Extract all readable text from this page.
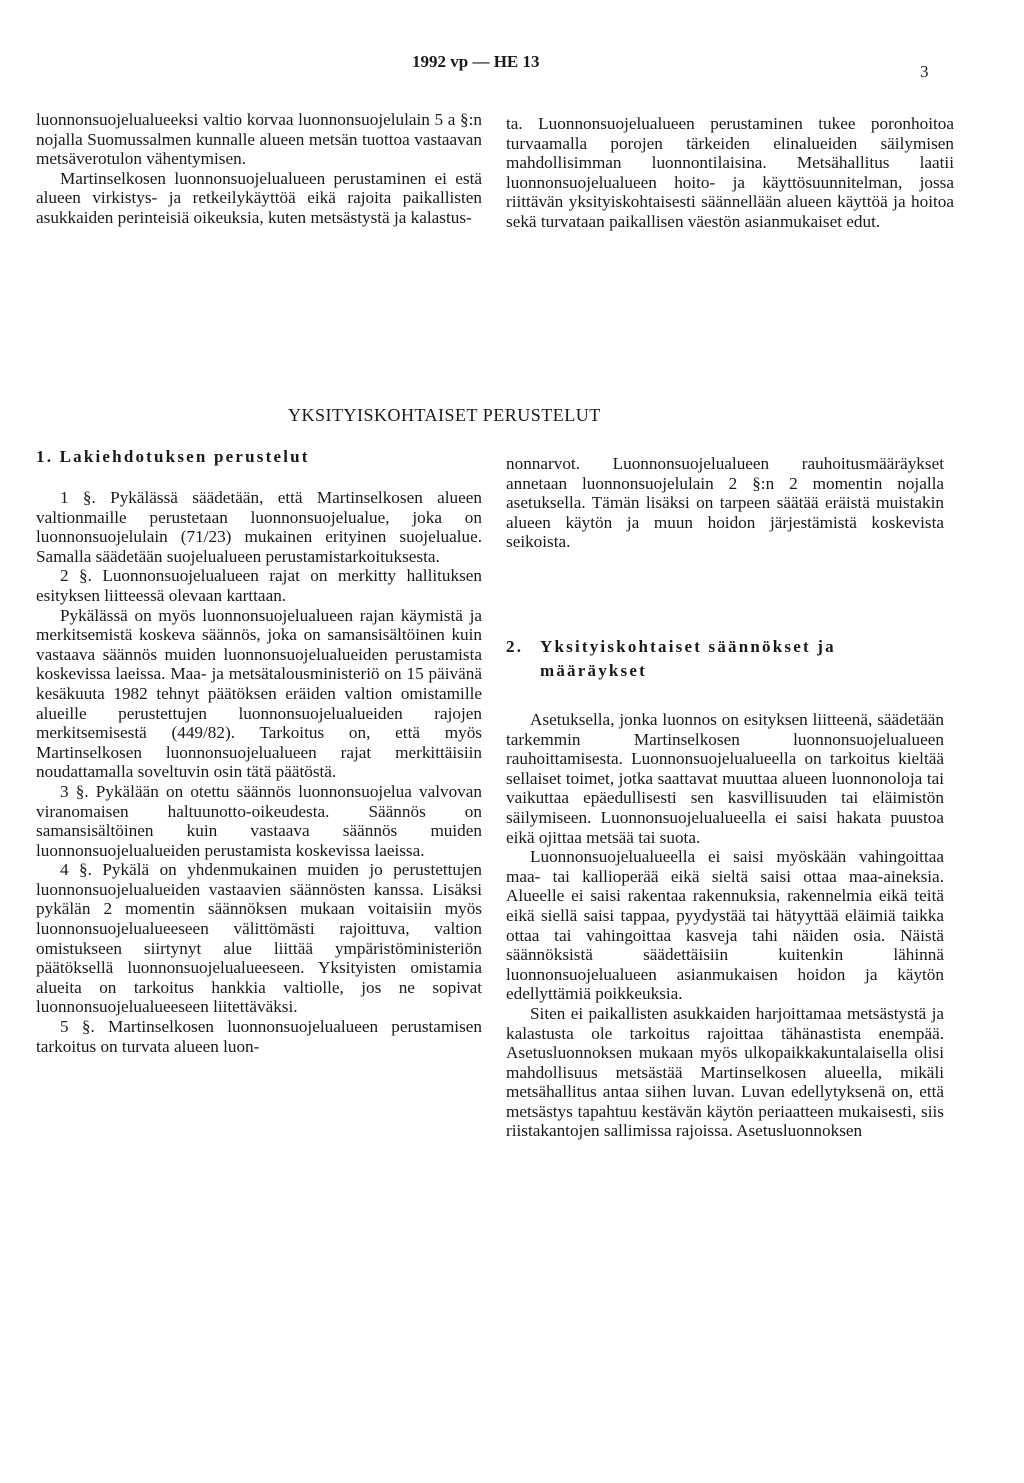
1992 vp — HE 13
3

luonnonsuojelualueeksi valtio korvaa luonnonsuojelulain 5 a §:n nojalla Suomussalmen kunnalle alueen metsän tuottoa vastaavan metsäverotulon vähentymisen.

Martinselkosen luonnonsuojelualueen perustaminen ei estä alueen virkistys- ja retkeilykäyttöä eikä rajoita paikallisten asukkaiden perinteisiä oikeuksia, kuten metsästystä ja kalastus-

ta. Luonnonsuojelualueen perustaminen tukee poronhoitoa turvaamalla porojen tärkeiden elinalueiden säilymisen mahdollisimman luonnontilaisina. Metsähallitus laatii luonnonsuojelualueen hoito- ja käyttösuunnitelman, jossa riittävän yksityiskohtaisesti säännellään alueen käyttöä ja hoitoa sekä turvataan paikallisen väestön asianmukaiset edut.

YKSITYISKOHTAISET PERUSTELUT
1. Lakiehdotuksen perustelut

1 §. Pykälässä säädetään, että Martinselkosen alueen valtionmaille perustetaan luonnonsuojelualue, joka on luonnonsuojelulain (71/23) mukainen erityinen suojelualue. Samalla säädetään suojelualueen perustamistarkoituksesta.

2 §. Luonnonsuojelualueen rajat on merkitty hallituksen esityksen liitteessä olevaan karttaan.

Pykälässä on myös luonnonsuojelualueen rajan käymistä ja merkitsemistä koskeva säännös, joka on samansisältöinen kuin vastaava säännös muiden luonnonsuojelualueiden perustamista koskevissa laeissa. Maa- ja metsätalousministeriö on 15 päivänä kesäkuuta 1982 tehnyt päätöksen eräiden valtion omistamille alueille perustettujen luonnonsuojelualueiden rajojen merkitsemisestä (449/82). Tarkoitus on, että myös Martinselkosen luonnonsuojelualueen rajat merkittäisiin noudattamalla soveltuvin osin tätä päätöstä.

3 §. Pykälään on otettu säännös luonnonsuojelua valvovan viranomaisen haltuunotto-oikeudesta. Säännös on samansisältöinen kuin vastaava säännös muiden luonnonsuojelualueiden perustamista koskevissa laeissa.

4 §. Pykälä on yhdenmukainen muiden jo perustettujen luonnonsuojelualueiden vastaavien säännösten kanssa. Lisäksi pykälän 2 momentin säännöksen mukaan voitaisiin myös luonnonsuojelualueeseen välittömästi rajoittuva, valtion omistukseen siirtynyt alue liittää ympäristöministeriön päätöksellä luonnonsuojelualueeseen. Yksityisten omistamia alueita on tarkoitus hankkia valtiolle, jos ne sopivat luonnonsuojelualueeseen liitettäväksi.

5 §. Martinselkosen luonnonsuojelualueen perustamisen tarkoitus on turvata alueen luon-

nonnarvot. Luonnonsuojelualueen rauhoitusmääräykset annetaan luonnonsuojelulain 2 §:n 2 momentin nojalla asetuksella. Tämän lisäksi on tarpeen säätää eräistä muistakin alueen käytön ja muun hoidon järjestämistä koskevista seikoista.

2. Yksityiskohtaiset säännökset ja
määräykset

Asetuksella, jonka luonnos on esityksen liitteenä, säädetään tarkemmin Martinselkosen luonnonsuojelualueen rauhoittamisesta. Luonnonsuojelualueella on tarkoitus kieltää sellaiset toimet, jotka saattavat muuttaa alueen luonnonoloja tai vaikuttaa epäedullisesti sen kasvillisuuden tai eläimistön säilymiseen. Luonnonsuojelualueella ei saisi hakata puustoa eikä ojittaa metsää tai suota.

Luonnonsuojelualueella ei saisi myöskään vahingoittaa maa- tai kallioperää eikä sieltä saisi ottaa maa-aineksia. Alueelle ei saisi rakentaa rakennuksia, rakennelmia eikä teitä eikä siellä saisi tappaa, pyydystää tai hätyyttää eläimiä taikka ottaa tai vahingoittaa kasveja tahi näiden osia. Näistä säännöksistä säädettäisiin kuitenkin lähinnä luonnonsuojelualueen asianmukaisen hoidon ja käytön edellyttämiä poikkeuksia.

Siten ei paikallisten asukkaiden harjoittamaa metsästystä ja kalastusta ole tarkoitus rajoittaa tähänastista enempää. Asetusluonnoksen mukaan myös ulkopaikkakuntalaisella olisi mahdollisuus metsästää Martinselkosen alueella, mikäli metsähallitus antaa siihen luvan. Luvan edellytyksenä on, että metsästys tapahtuu kestävän käytön periaatteen mukaisesti, siis riistakantojen sallimissa rajoissa. Asetusluonnoksen
